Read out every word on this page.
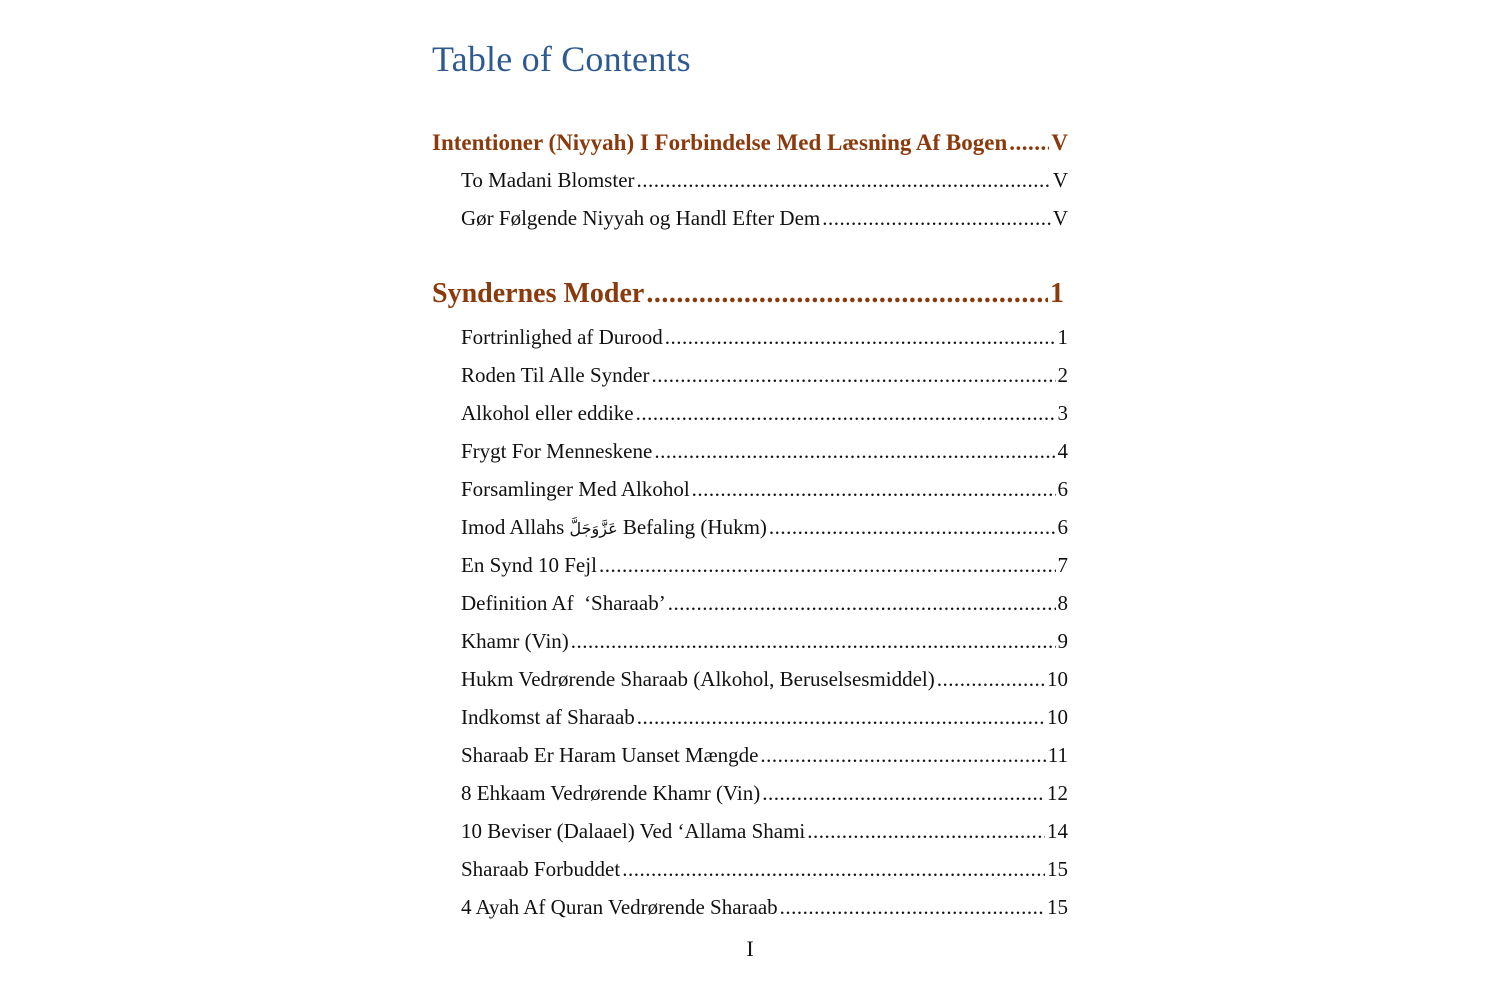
Table of Contents
Intentioner (Niyyah) I Forbindelse Med Læsning Af Bogen ..... V
To Madani Blomster .....	V
Gør Følgende Niyyah og Handl Efter Dem .....	V
Syndernes Moder .....	1
Fortrinlighed af Durood .....	1
Roden Til Alle Synder .....	2
Alkohol eller eddike .....	3
Frygt For Menneskene .....	4
Forsamlinger Med Alkohol .....	6
Imod Allahs عَزَّوَجَلَّ Befaling (Hukm) .....	6
En Synd 10 Fejl .....	7
Definition Af  ‘Sharaab’ .....	8
Khamr (Vin) .....	9
Hukm Vedrørende Sharaab (Alkohol, Beruselsesmiddel) .....	10
Indkomst af Sharaab .....	10
Sharaab Er Haram Uanset Mængde .....	11
8 Ehkaam Vedrørende Khamr (Vin) .....	12
10 Beviser (Dalaael) Ved ‘Allama Shami .....	14
Sharaab Forbuddet .....	15
4 Ayah Af Quran Vedrørende Sharaab .....	15
I
